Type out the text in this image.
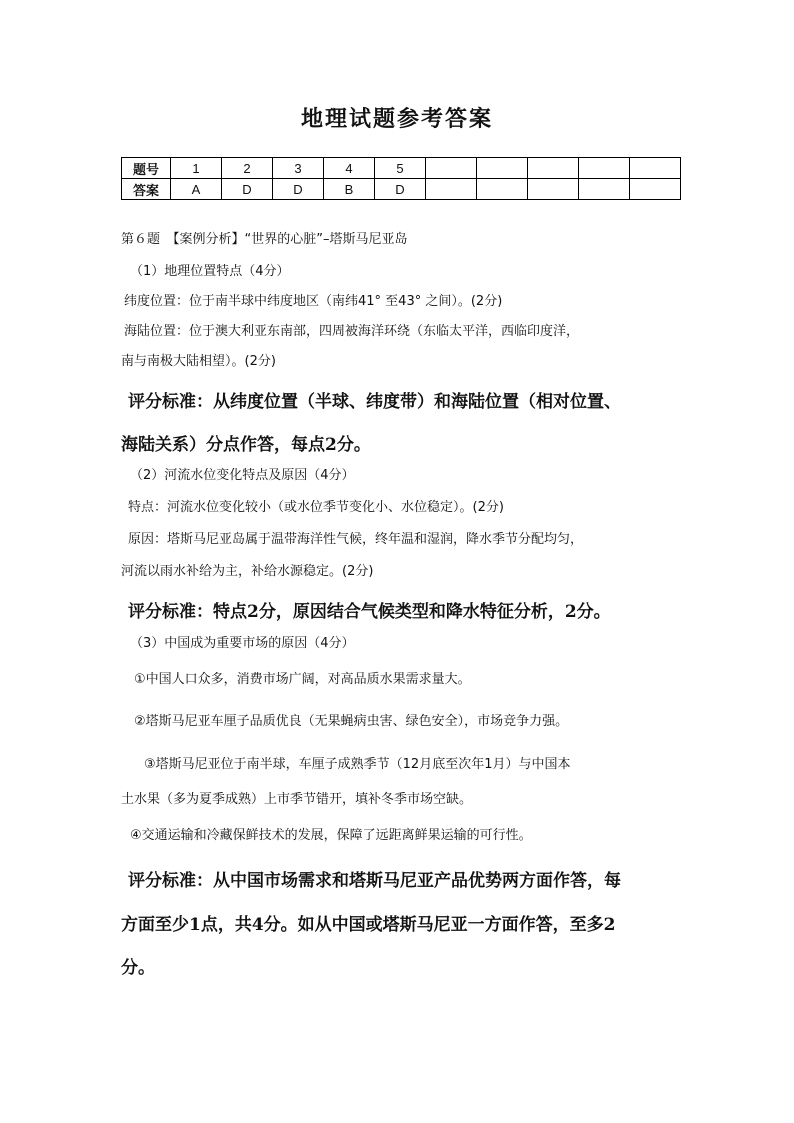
地理试题参考答案
题号	1	2	3	4	5					
答案	A	D	D	B	D					
第６题　【案例分析】“世界的心脏”–塔斯马尼亚岛
（1）地理位置特点（4分）
纬度位置：位于南半球中纬度地区（南纬41° 至43° 之间）。(2分)
海陆位置：位于澳大利亚东南部，四周被海洋环绕（东临太平洋，西临印度洋，
南与南极大陆相望）。(2分)
评分标准：从纬度位置（半球、纬度带）和海陆位置（相对位置、
海陆关系）分点作答，每点2分。
（2）河流水位变化特点及原因（4分）
特点：河流水位变化较小（或水位季节变化小、水位稳定）。(2分)
原因：塔斯马尼亚岛属于温带海洋性气候，终年温和湿润，降水季节分配均匀，
河流以雨水补给为主，补给水源稳定。(2分)
评分标准：特点2分，原因结合气候类型和降水特征分析，2分。
（3）中国成为重要市场的原因（4分）
①中国人口众多，消费市场广阔，对高品质水果需求量大。
②塔斯马尼亚车厘子品质优良（无果蝇病虫害、绿色安全），市场竞争力强。
③塔斯马尼亚位于南半球，车厘子成熟季节（12月底至次年1月）与中国本
土水果（多为夏季成熟）上市季节错开，填补冬季市场空缺。
④交通运输和冷藏保鲜技术的发展，保障了远距离鲜果运输的可行性。
评分标准：从中国市场需求和塔斯马尼亚产品优势两方面作答，每
方面至少1点，共4分。如从中国或塔斯马尼亚一方面作答，至多2
分。
